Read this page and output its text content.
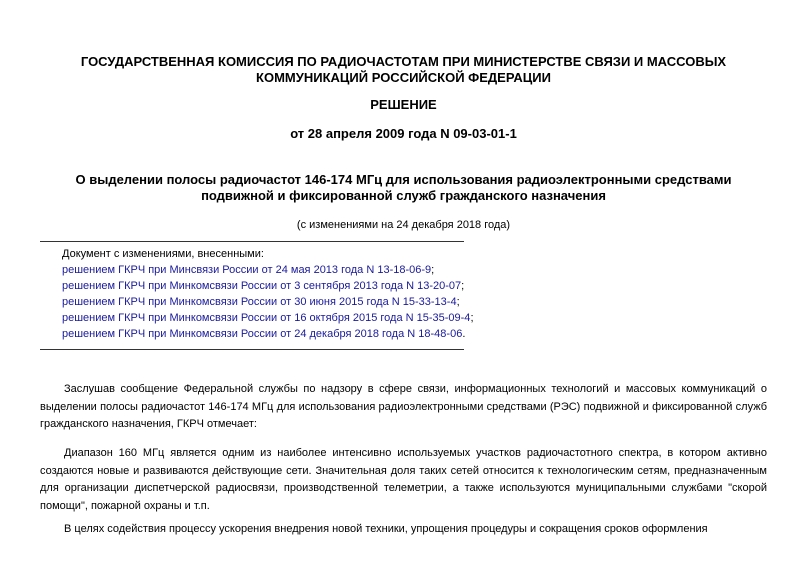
ГОСУДАРСТВЕННАЯ КОМИССИЯ ПО РАДИОЧАСТОТАМ ПРИ МИНИСТЕРСТВЕ СВЯЗИ И МАССОВЫХ КОММУНИКАЦИЙ РОССИЙСКОЙ ФЕДЕРАЦИИ
РЕШЕНИЕ
от 28 апреля 2009 года N 09-03-01-1
О выделении полосы радиочастот 146-174 МГц для использования радиоэлектронными средствами подвижной и фиксированной служб гражданского назначения
(с изменениями на 24 декабря 2018 года)
Документ с изменениями, внесенными:
решением ГКРЧ при Минсвязи России от 24 мая 2013 года N 13-18-06-9;
решением ГКРЧ при Минкомсвязи России от 3 сентября 2013 года N 13-20-07;
решением ГКРЧ при Минкомсвязи России от 30 июня 2015 года N 15-33-13-4;
решением ГКРЧ при Минкомсвязи России от 16 октября 2015 года N 15-35-09-4;
решением ГКРЧ при Минкомсвязи России от 24 декабря 2018 года N 18-48-06.
Заслушав сообщение Федеральной службы по надзору в сфере связи, информационных технологий и массовых коммуникаций о выделении полосы радиочастот 146-174 МГц для использования радиоэлектронными средствами (РЭС) подвижной и фиксированной служб гражданского назначения, ГКРЧ отмечает:
Диапазон 160 МГц является одним из наиболее интенсивно используемых участков радиочастотного спектра, в котором активно создаются новые и развиваются действующие сети. Значительная доля таких сетей относится к технологическим сетям, предназначенным для организации диспетчерской радиосвязи, производственной телеметрии, а также используются муниципальными службами "скорой помощи", пожарной охраны и т.п.
В целях содействия процессу ускорения внедрения новой техники, упрощения процедуры и сокращения сроков оформления
